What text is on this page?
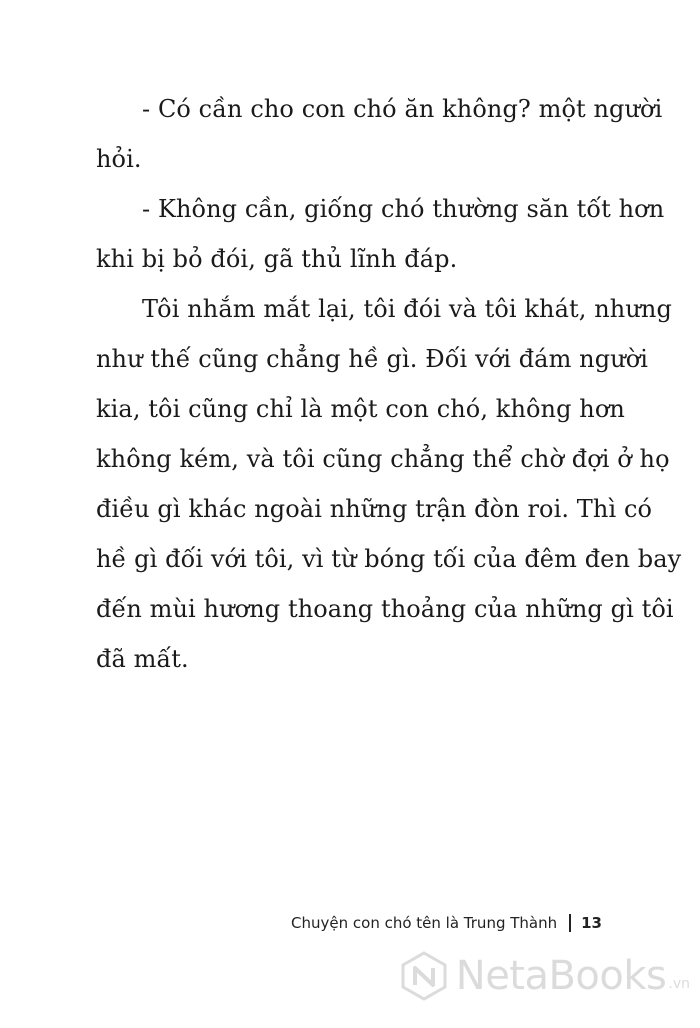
- Có cần cho con chó ăn không? một người
hỏi.
- Không cần, giống chó thường săn tốt hơn
khi bị bỏ đói, gã thủ lĩnh đáp.
Tôi nhắm mắt lại, tôi đói và tôi khát, nhưng
như thế cũng chẳng hề gì. Đối với đám người
kia, tôi cũng chỉ là một con chó, không hơn
không kém, và tôi cũng chẳng thể chờ đợi ở họ
điều gì khác ngoài những trận đòn roi. Thì có
hề gì đối với tôi, vì từ bóng tối của đêm đen bay
đến mùi hương thoang thoảng của những gì tôi
đã mất.
Chuyện con chó tên là Trung Thành 13
NetaBooks .vn
